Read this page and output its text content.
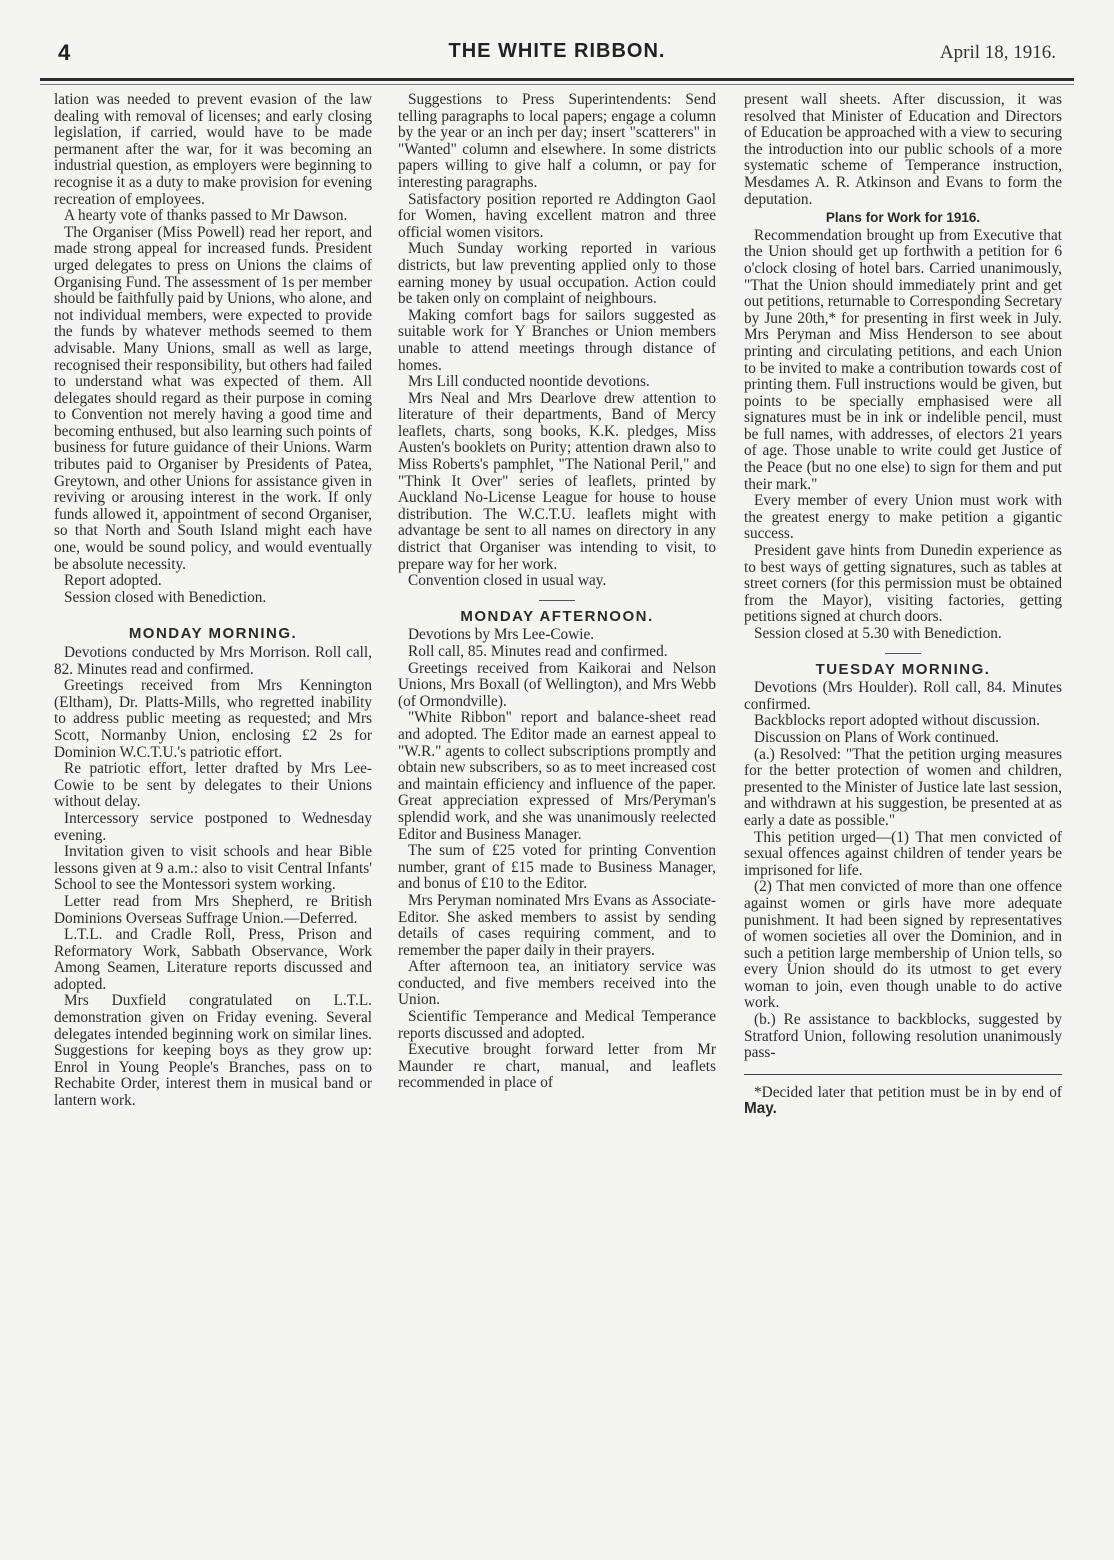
4	THE WHITE RIBBON.	April 18, 1916.

lation was needed to prevent evasion of the law dealing with removal of licenses; and early closing legislation, if carried, would have to be made permanent after the war, for it was becoming an industrial question, as employers were beginning to recognise it as a duty to make provision for evening recreation of employees.

A hearty vote of thanks passed to Mr Dawson.

The Organiser (Miss Powell) read her report, and made strong appeal for increased funds. President urged delegates to press on Unions the claims of Organising Fund. The assessment of 1s per member should be faithfully paid by Unions, who alone, and not individual members, were expected to provide the funds by whatever methods seemed to them advisable. Many Unions, small as well as large, recognised their responsibility, but others had failed to understand what was expected of them. All delegates should regard as their purpose in coming to Convention not merely having a good time and becoming enthused, but also learning such points of business for future guidance of their Unions. Warm tributes paid to Organiser by Presidents of Patea, Greytown, and other Unions for assistance given in reviving or arousing interest in the work. If only funds allowed it, appointment of second Organiser, so that North and South Island might each have one, would be sound policy, and would eventually be absolute necessity.

Report adopted.

Session closed with Benediction.

MONDAY MORNING.

Devotions conducted by Mrs Morrison. Roll call, 82. Minutes read and confirmed.

Greetings received from Mrs Kennington (Eltham), Dr. Platts-Mills, who regretted inability to address public meeting as requested; and Mrs Scott, Normanby Union, enclosing £2 2s for Dominion W.C.T.U.'s patriotic effort.

Re patriotic effort, letter drafted by Mrs Lee-Cowie to be sent by delegates to their Unions without delay.

Intercessory service postponed to Wednesday evening.

Invitation given to visit schools and hear Bible lessons given at 9 a.m.: also to visit Central Infants' School to see the Montessori system working.

Letter read from Mrs Shepherd, re British Dominions Overseas Suffrage Union.—Deferred.

L.T.L. and Cradle Roll, Press, Prison and Reformatory Work, Sabbath Observance, Work Among Seamen, Literature reports discussed and adopted.

Mrs Duxfield congratulated on L.T.L. demonstration given on Friday evening. Several delegates intended beginning work on similar lines. Suggestions for keeping boys as they grow up: Enrol in Young People's Branches, pass on to Rechabite Order, interest them in musical band or lantern work.

Suggestions to Press Superintendents: Send telling paragraphs to local papers; engage a column by the year or an inch per day; insert "scatterers" in "Wanted" column and elsewhere. In some districts papers willing to give half a column, or pay for interesting paragraphs.

Satisfactory position reported re Addington Gaol for Women, having excellent matron and three official women visitors.

Much Sunday working reported in various districts, but law preventing applied only to those earning money by usual occupation. Action could be taken only on complaint of neighbours.

Making comfort bags for sailors suggested as suitable work for Y Branches or Union members unable to attend meetings through distance of homes.

Mrs Lill conducted noontide devotions.

Mrs Neal and Mrs Dearlove drew attention to literature of their departments, Band of Mercy leaflets, charts, song books, K.K. pledges, Miss Austen's booklets on Purity; attention drawn also to Miss Roberts's pamphlet, "The National Peril," and "Think It Over" series of leaflets, printed by Auckland No-License League for house to house distribution. The W.C.T.U. leaflets might with advantage be sent to all names on directory in any district that Organiser was intending to visit, to prepare way for her work.

Convention closed in usual way.

MONDAY AFTERNOON.

Devotions by Mrs Lee-Cowie.

Roll call, 85. Minutes read and confirmed.

Greetings received from Kaikorai and Nelson Unions, Mrs Boxall (of Wellington), and Mrs Webb (of Ormondville).

"White Ribbon" report and balance-sheet read and adopted. The Editor made an earnest appeal to "W.R." agents to collect subscriptions promptly and obtain new subscribers, so as to meet increased cost and maintain efficiency and influence of the paper. Great appreciation expressed of Mrs/Peryman's splendid work, and she was unanimously reelected Editor and Business Manager.

The sum of £25 voted for printing Convention number, grant of £15 made to Business Manager, and bonus of £10 to the Editor.

Mrs Peryman nominated Mrs Evans as Associate-Editor. She asked members to assist by sending details of cases requiring comment, and to remember the paper daily in their prayers.

After afternoon tea, an initiatory service was conducted, and five members received into the Union.

Scientific Temperance and Medical Temperance reports discussed and adopted.

Executive brought forward letter from Mr Maunder re chart, manual, and leaflets recommended in place of

present wall sheets. After discussion, it was resolved that Minister of Education and Directors of Education be approached with a view to securing the introduction into our public schools of a more systematic scheme of Temperance instruction, Mesdames A. R. Atkinson and Evans to form the deputation.

Plans for Work for 1916.

Recommendation brought up from Executive that the Union should get up forthwith a petition for 6 o'clock closing of hotel bars. Carried unanimously, "That the Union should immediately print and get out petitions, returnable to Corresponding Secretary by June 20th,* for presenting in first week in July. Mrs Peryman and Miss Henderson to see about printing and circulating petitions, and each Union to be invited to make a contribution towards cost of printing them. Full instructions would be given, but points to be specially emphasised were all signatures must be in ink or indelible pencil, must be full names, with addresses, of electors 21 years of age. Those unable to write could get Justice of the Peace (but no one else) to sign for them and put their mark."

Every member of every Union must work with the greatest energy to make petition a gigantic success.

President gave hints from Dunedin experience as to best ways of getting signatures, such as tables at street corners (for this permission must be obtained from the Mayor), visiting factories, getting petitions signed at church doors.

Session closed at 5.30 with Benediction.

TUESDAY MORNING.

Devotions (Mrs Houlder). Roll call, 84. Minutes confirmed.

Backblocks report adopted without discussion.

Discussion on Plans of Work continued.

(a.) Resolved: "That the petition urging measures for the better protection of women and children, presented to the Minister of Justice late last session, and withdrawn at his suggestion, be presented at as early a date as possible."

This petition urged—(1) That men convicted of sexual offences against children of tender years be imprisoned for life.

(2) That men convicted of more than one offence against women or girls have more adequate punishment. It had been signed by representatives of women societies all over the Dominion, and in such a petition large membership of Union tells, so every Union should do its utmost to get every woman to join, even though unable to do active work.

(b.) Re assistance to backblocks, suggested by Stratford Union, following resolution unanimously pass-

*Decided later that petition must be in by end of May.
